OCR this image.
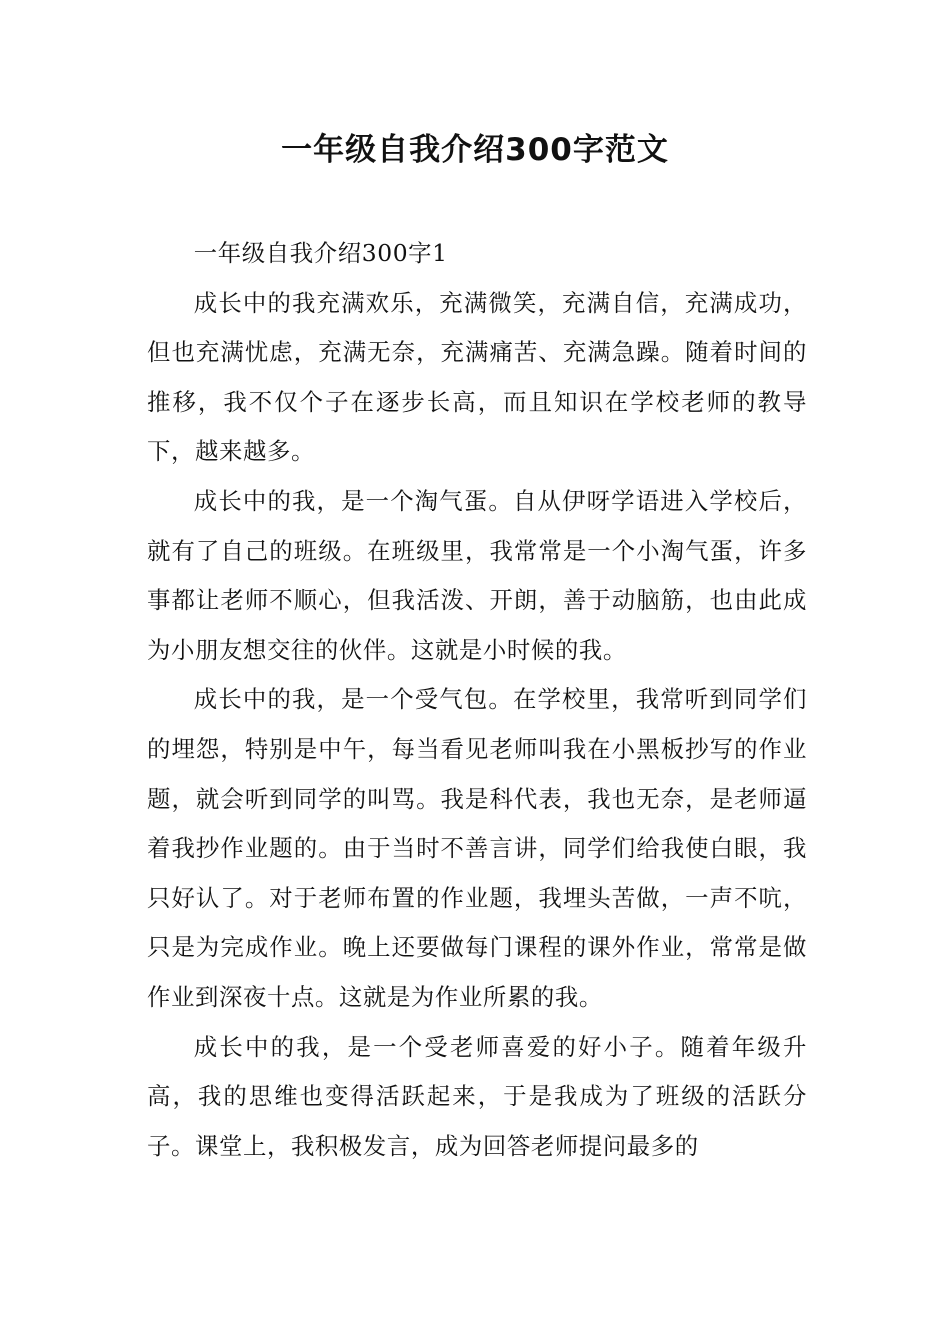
一年级自我介绍300字范文

一年级自我介绍300字1

成长中的我充满欢乐，充满微笑，充满自信，充满成功，但也充满忧虑，充满无奈，充满痛苦、充满急躁。随着时间的推移，我不仅个子在逐步长高，而且知识在学校老师的教导下，越来越多。

成长中的我，是一个淘气蛋。自从伊呀学语进入学校后，就有了自己的班级。在班级里，我常常是一个小淘气蛋，许多事都让老师不顺心，但我活泼、开朗，善于动脑筋，也由此成为小朋友想交往的伙伴。这就是小时候的我。

成长中的我，是一个受气包。在学校里，我常听到同学们的埋怨，特别是中午，每当看见老师叫我在小黑板抄写的作业题，就会听到同学的叫骂。我是科代表，我也无奈，是老师逼着我抄作业题的。由于当时不善言讲，同学们给我使白眼，我只好认了。对于老师布置的作业题，我埋头苦做，一声不吭，只是为完成作业。晚上还要做每门课程的课外作业，常常是做作业到深夜十点。这就是为作业所累的我。

成长中的我，是一个受老师喜爱的好小子。随着年级升高，我的思维也变得活跃起来，于是我成为了班级的活跃分子。课堂上，我积极发言，成为回答老师提问最多的
